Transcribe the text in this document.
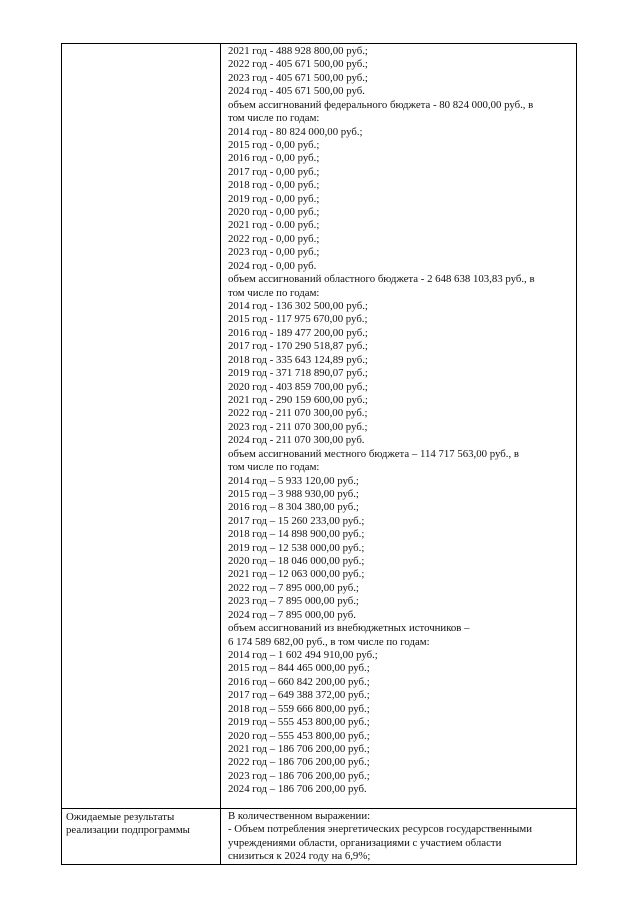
2021 год - 488 928 800,00 руб.;
2022 год - 405 671 500,00 руб.;
2023 год - 405 671 500,00 руб.;
2024 год - 405 671 500,00 руб.
объем ассигнований федерального бюджета - 80 824 000,00 руб., в
том числе по годам:
2014 год - 80 824 000,00 руб.;
2015 год - 0,00 руб.;
2016 год - 0,00 руб.;
2017 год - 0,00 руб.;
2018 год - 0,00 руб.;
2019 год - 0,00 руб.;
2020 год - 0,00 руб.;
2021 год - 0.00 руб.;
2022 год - 0,00 руб.;
2023 год - 0,00 руб.;
2024 год - 0,00 руб.
объем ассигнований областного бюджета - 2 648 638 103,83 руб., в
том числе по годам:
2014 год - 136 302 500,00 руб.;
2015 год - 117 975 670,00 руб.;
2016 год - 189 477 200,00 руб.;
2017 год - 170 290 518,87 руб.;
2018 год - 335 643 124,89 руб.;
2019 год - 371 718 890,07 руб.;
2020 год - 403 859 700,00 руб.;
2021 год - 290 159 600,00 руб.;
2022 год - 211 070 300,00 руб.;
2023 год - 211 070 300,00 руб.;
2024 год - 211 070 300,00 руб.
объем ассигнований местного бюджета – 114 717 563,00 руб., в
том числе по годам:
2014 год – 5 933 120,00 руб.;
2015 год – 3 988 930,00 руб.;
2016 год – 8 304 380,00 руб.;
2017 год – 15 260 233,00 руб.;
2018 год – 14 898 900,00 руб.;
2019 год – 12 538 000,00 руб.;
2020 год – 18 046 000,00 руб.;
2021 год – 12 063 000,00 руб.;
2022 год – 7 895 000,00 руб.;
2023 год – 7 895 000,00 руб.;
2024 год – 7 895 000,00 руб.
объем ассигнований из внебюджетных источников –
6 174 589 682,00 руб., в том числе по годам:
2014 год – 1 602 494 910,00 руб.;
2015 год – 844 465 000,00 руб.;
2016 год – 660 842 200,00 руб.;
2017 год – 649 388 372,00 руб.;
2018 год – 559 666 800,00 руб.;
2019 год – 555 453 800,00 руб.;
2020 год – 555 453 800,00 руб.;
2021 год – 186 706 200,00 руб.;
2022 год – 186 706 200,00 руб.;
2023 год – 186 706 200,00 руб.;
2024 год – 186 706 200,00 руб.
Ожидаемые результаты
реализации подпрограммы
В количественном выражении:
- Объем потребления энергетических ресурсов государственными
учреждениями области, организациями с участием области
снизиться к 2024 году на 6,9%;
